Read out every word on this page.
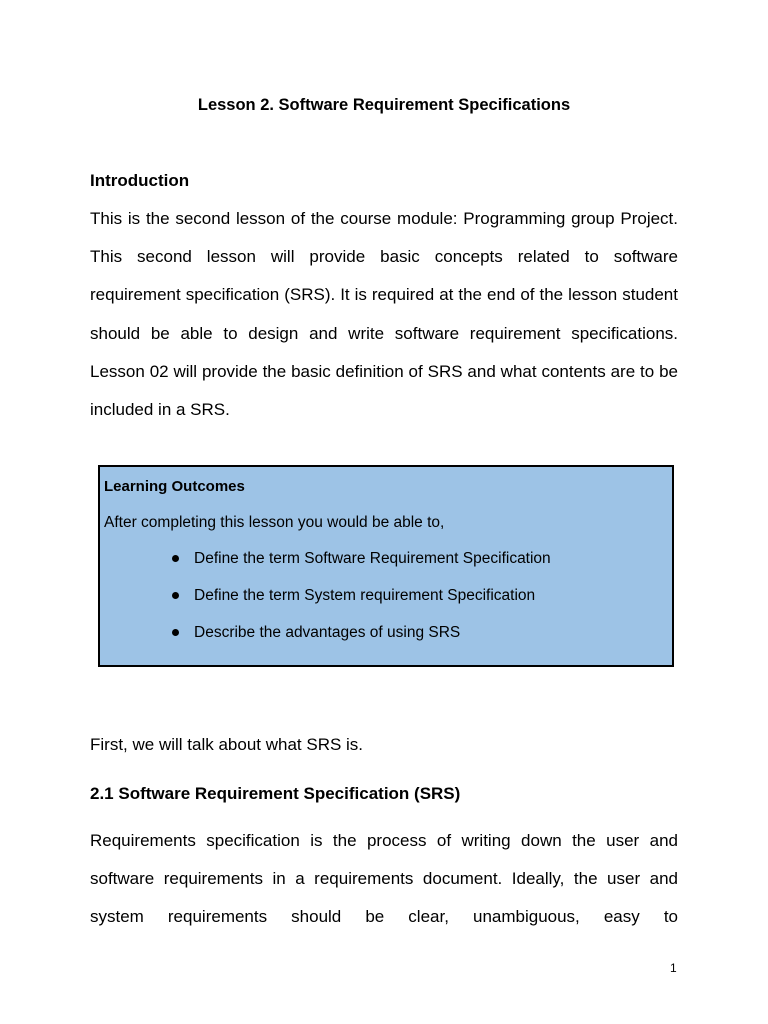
Lesson 2. Software Requirement Specifications
Introduction

This is the second lesson of the course module: Programming group Project. This second lesson will provide basic concepts related to software requirement specification (SRS). It is required at the end of the lesson student should be able to design and write software requirement specifications. Lesson 02 will provide the basic definition of SRS and what contents are to be included in a SRS.

Learning Outcomes

After completing this lesson you would be able to,

Define the term Software Requirement Specification
Define the term System requirement Specification
Describe the advantages of using SRS

First, we will talk about what SRS is.

2.1 Software Requirement Specification (SRS)

Requirements specification is the process of writing down the user and software requirements in a requirements document. Ideally, the user and system requirements should be clear, unambiguous, easy to

1
